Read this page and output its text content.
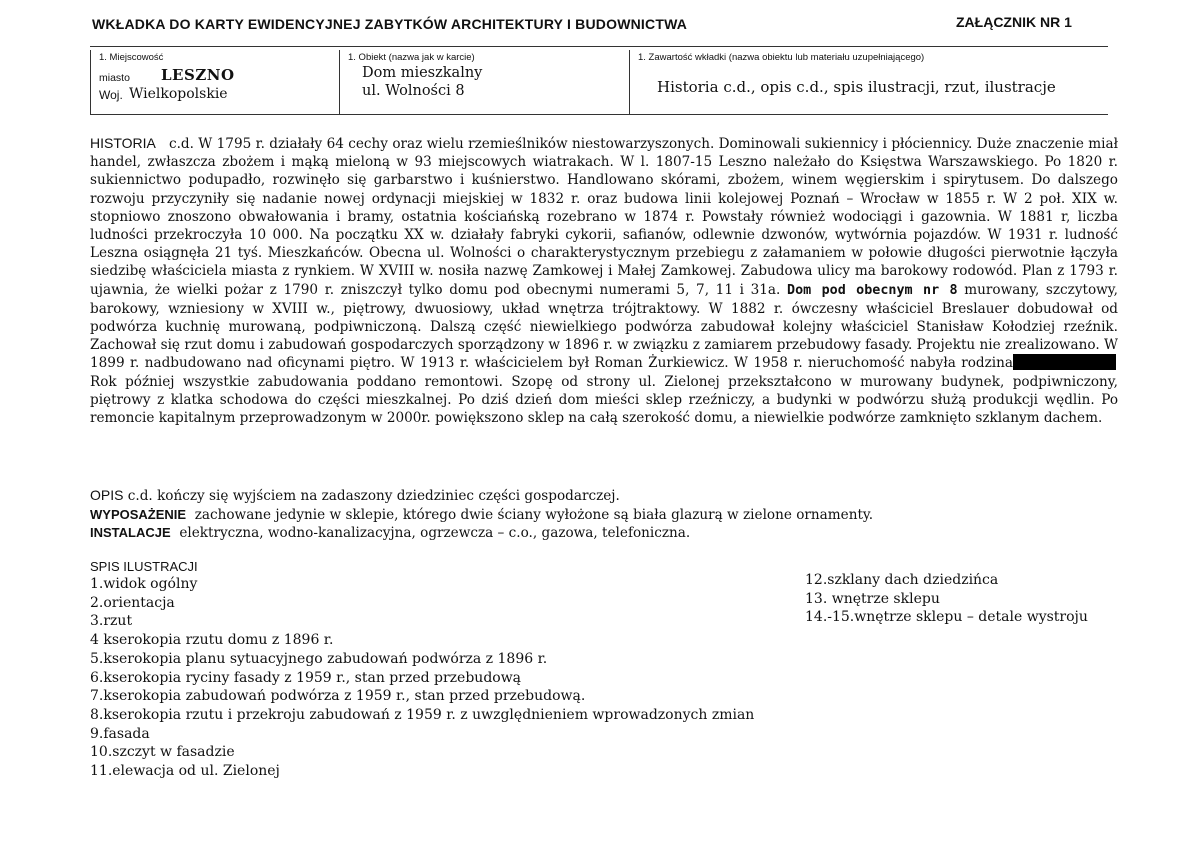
WKŁADKA DO KARTY EWIDENCYJNEJ ZABYTKÓW ARCHITEKTURY I BUDOWNICTWA	ZAŁĄCZNIK NR 1
1. Miejscowość
miasto LESZNO
Woj. Wielkopolskie
1. Obiekt (nazwa jak w karcie)
Dom mieszkalny
ul. Wolności 8
1. Zawartość wkładki (nazwa obiektu lub materiału uzupełniającego)
Historia c.d., opis c.d., spis ilustracji, rzut, ilustracje
HISTORIA c.d. W 1795 r. działały 64 cechy oraz wielu rzemieślników niestowarzyszonych. Dominowali sukiennicy i płóciennicy. Duże znaczenie miał handel, zwłaszcza zbożem i mąką mieloną w 93 miejscowych wiatrakach. W l. 1807-15 Leszno należało do Księstwa Warszawskiego. Po 1820 r. sukiennictwo podupadło, rozwinęło się garbarstwo i kuśnierstwo. Handlowano skórami, zbożem, winem węgierskim i spirytusem. Do dalszego rozwoju przyczyniły się nadanie nowej ordynacji miejskiej w 1832 r. oraz budowa linii kolejowej Poznań – Wrocław w 1855 r. W 2 poł. XIX w. stopniowo znoszono obwałowania i bramy, ostatnia kościańską rozebrano w 1874 r. Powstały również wodociągi i gazownia. W 1881 r, liczba ludności przekroczyła 10 000. Na początku XX w. działały fabryki cykorii, safianów, odlewnie dzwonów, wytwórnia pojazdów. W 1931 r. ludność Leszna osiągnęła 21 tyś. Mieszkańców. Obecna ul. Wolności o charakterystycznym przebiegu z załamaniem w połowie długości pierwotnie łączyła siedzibę właściciela miasta z rynkiem. W XVIII w. nosiła nazwę Zamkowej i Małej Zamkowej. Zabudowa ulicy ma barokowy rodowód. Plan z 1793 r. ujawnia, że wielki pożar z 1790 r. zniszczył tylko domu pod obecnymi numerami 5, 7, 11 i 31a. Dom pod obecnym nr 8 murowany, szczytowy, barokowy, wzniesiony w XVIII w., piętrowy, dwuosiowy, układ wnętrza trójtraktowy. W 1882 r. ówczesny właściciel Breslauer dobudował od podwórza kuchnię murowaną, podpiwniczoną. Dalszą część niewielkiego podwórza zabudował kolejny właściciel Stanisław Kołodziej rzeźnik. Zachował się rzut domu i zabudowań gospodarczych sporządzony w 1896 r. w związku z zamiarem przebudowy fasady. Projektu nie zrealizowano. W 1899 r. nadbudowano nad oficynami piętro. W 1913 r. właścicielem był Roman Żurkiewicz. W 1958 r. nieruchomość nabyła rodzina Rok później wszystkie zabudowania poddano remontowi. Szopę od strony ul. Zielonej przekształcono w murowany budynek, podpiwniczony, piętrowy z klatka schodowa do części mieszkalnej. Po dziś dzień dom mieści sklep rzeźniczy, a budynki w podwórzu służą produkcji wędlin. Po remoncie kapitalnym przeprowadzonym w 2000r. powiększono sklep na całą szerokość domu, a niewielkie podwórze zamknięto szklanym dachem.
OPIS c.d. kończy się wyjściem na zadaszony dziedziniec części gospodarczej.
WYPOSAŻENIE zachowane jedynie w sklepie, którego dwie ściany wyłożone są biała glazurą w zielone ornamenty.
INSTALACJE elektryczna, wodno-kanalizacyjna, ogrzewcza – c.o., gazowa, telefoniczna.
SPIS ILUSTRACJI
1.widok ogólny
2.orientacja
3.rzut
4 kserokopia rzutu domu z 1896 r.
5.kserokopia planu sytuacyjnego zabudowań podwórza z 1896 r.
6.kserokopia ryciny fasady z 1959 r., stan przed przebudową
7.kserokopia zabudowań podwórza z 1959 r., stan przed przebudową.
8.kserokopia rzutu i przekroju zabudowań z 1959 r. z uwzględnieniem wprowadzonych zmian
9.fasada
10.szczyt w fasadzie
11.elewacja od ul. Zielonej
12.szklany dach dziedzińca
13. wnętrze sklepu
14.-15.wnętrze sklepu – detale wystroju
